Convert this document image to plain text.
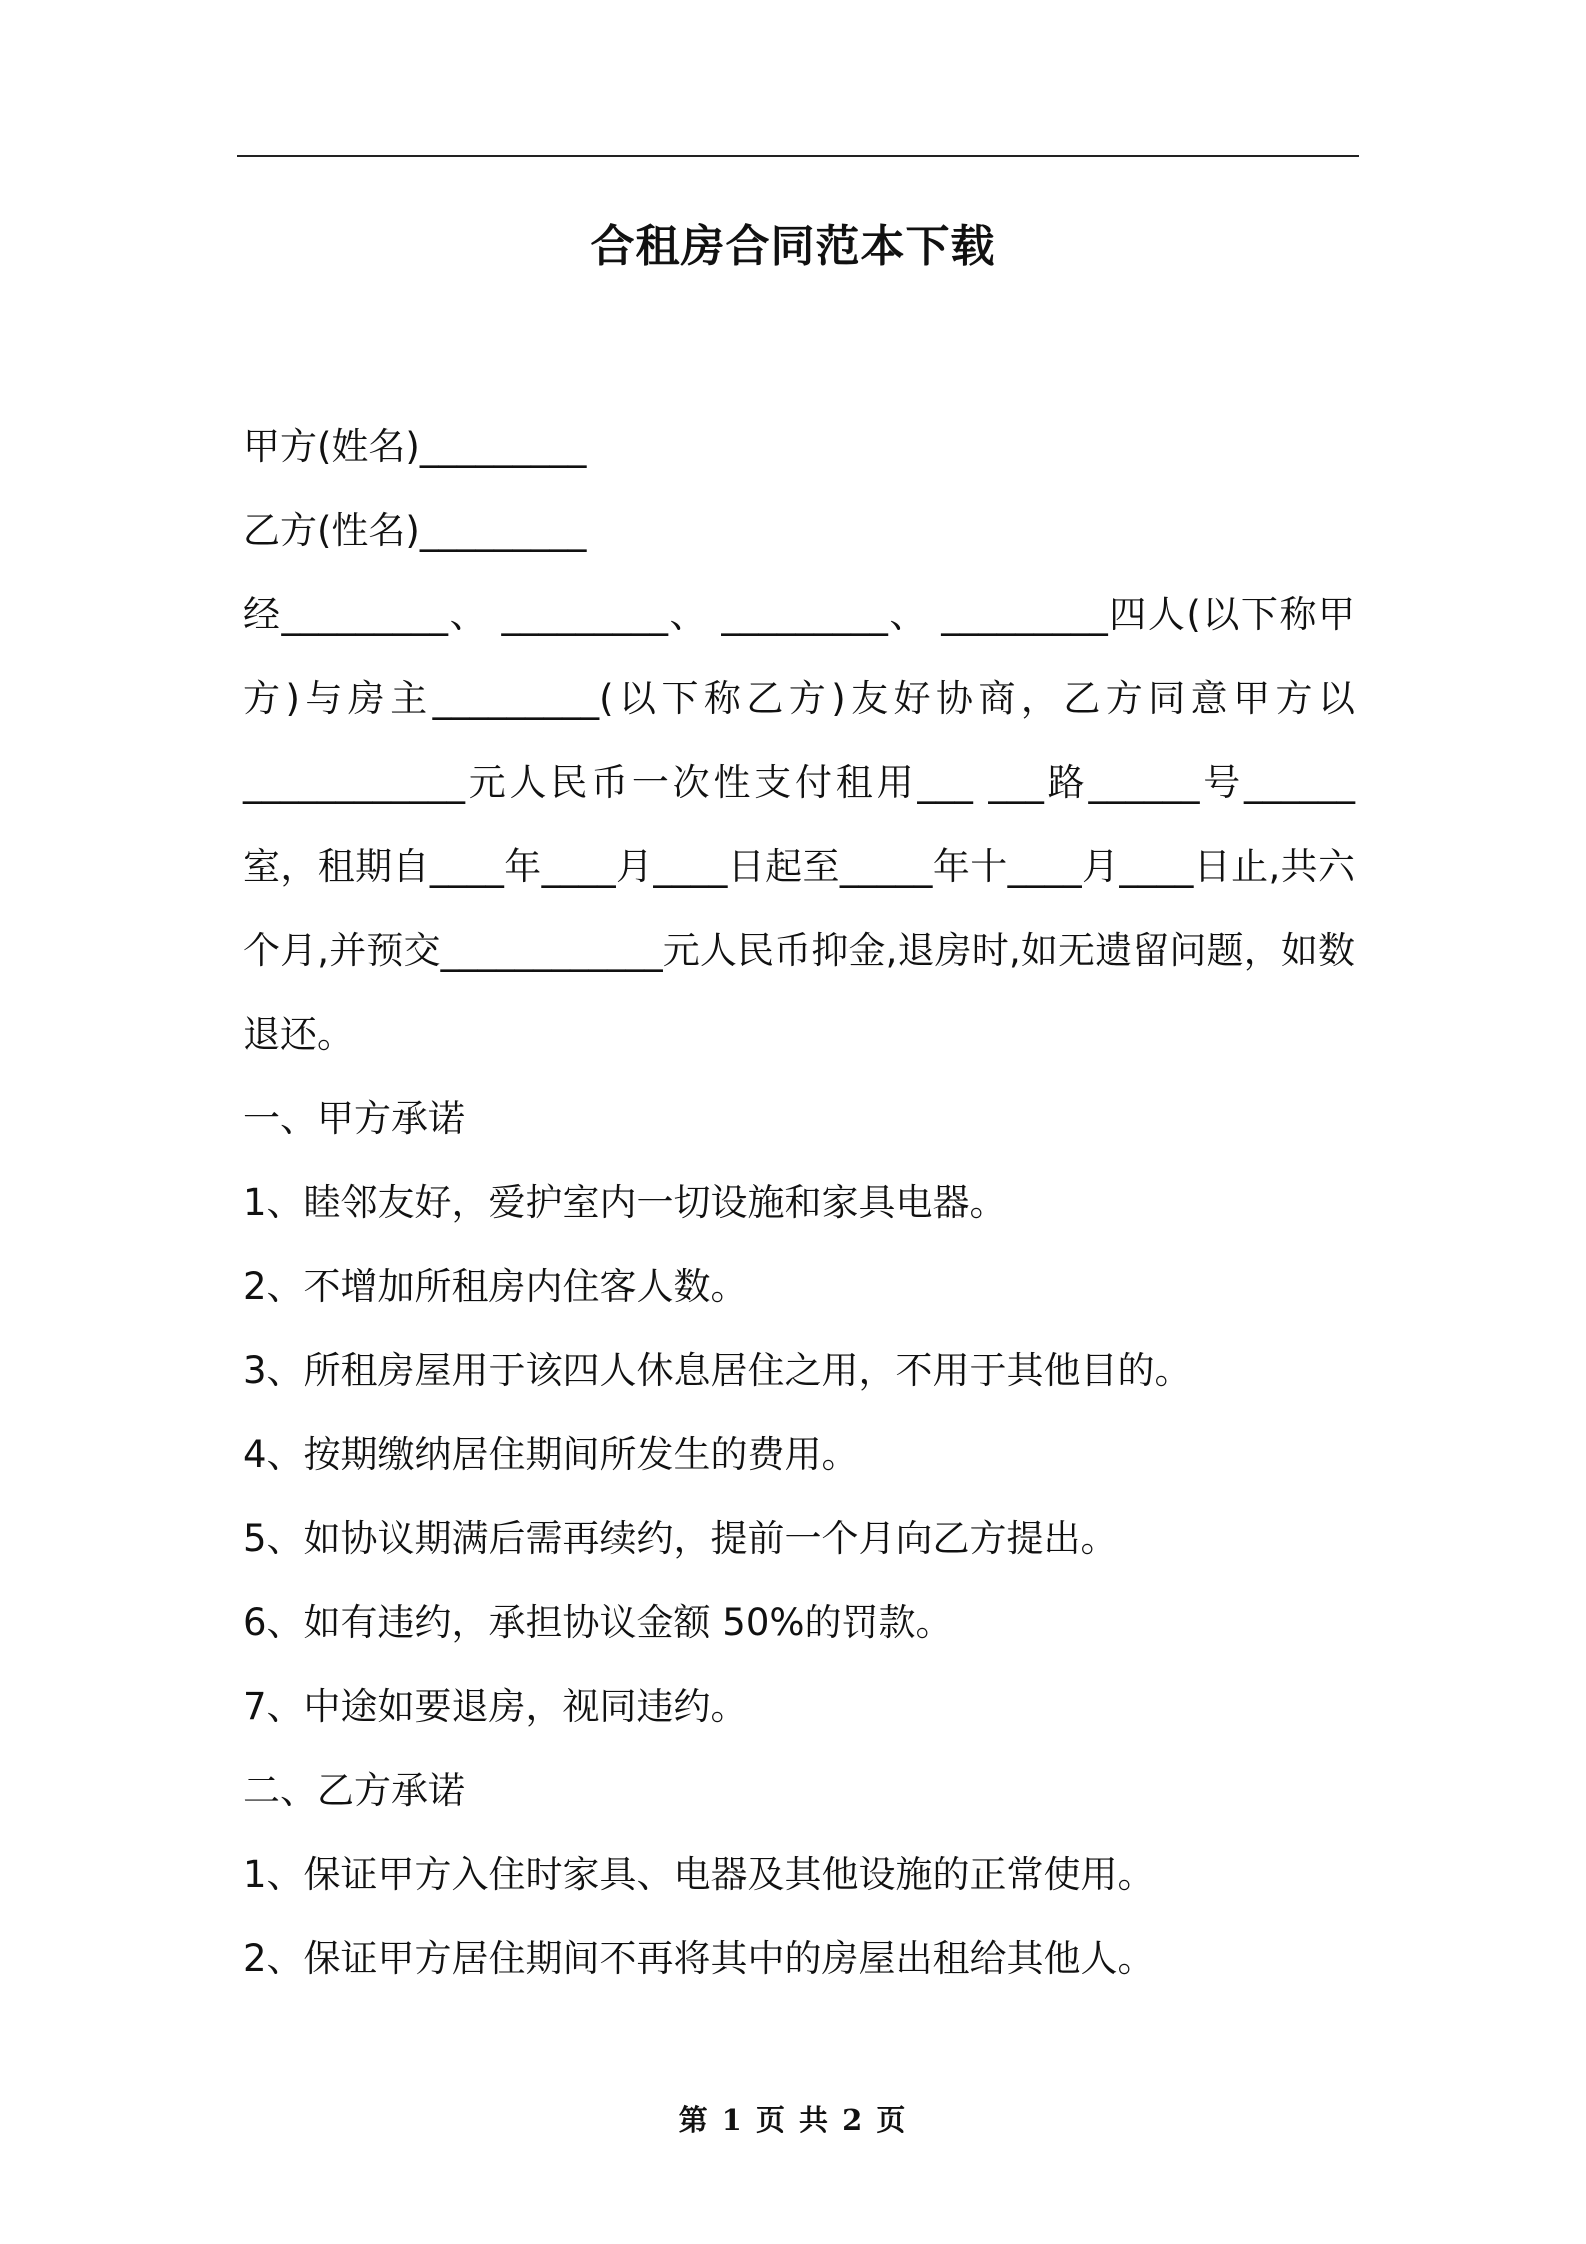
合租房合同范本下载

甲方(姓名)_________

乙方(性名)_________

经_________、 _________、 _________、 _________四人(以下称甲方)与房主_________(以下称乙方)友好协商，乙方同意甲方以____________元人民币一次性支付租用___ ___路______号______室，租期自____年____月____日起至_____年十____月____日止,共六个月,并预交____________元人民币抑金,退房时,如无遗留问题，如数退还。

一、甲方承诺

1、睦邻友好，爱护室内一切设施和家具电器。

2、不增加所租房内住客人数。

3、所租房屋用于该四人休息居住之用，不用于其他目的。

4、按期缴纳居住期间所发生的费用。

5、如协议期满后需再续约，提前一个月向乙方提出。

6、如有违约，承担协议金额 50%的罚款。

7、中途如要退房，视同违约。

二、乙方承诺

1、保证甲方入住时家具、电器及其他设施的正常使用。

2、保证甲方居住期间不再将其中的房屋出租给其他人。

第 1 页 共 2 页
